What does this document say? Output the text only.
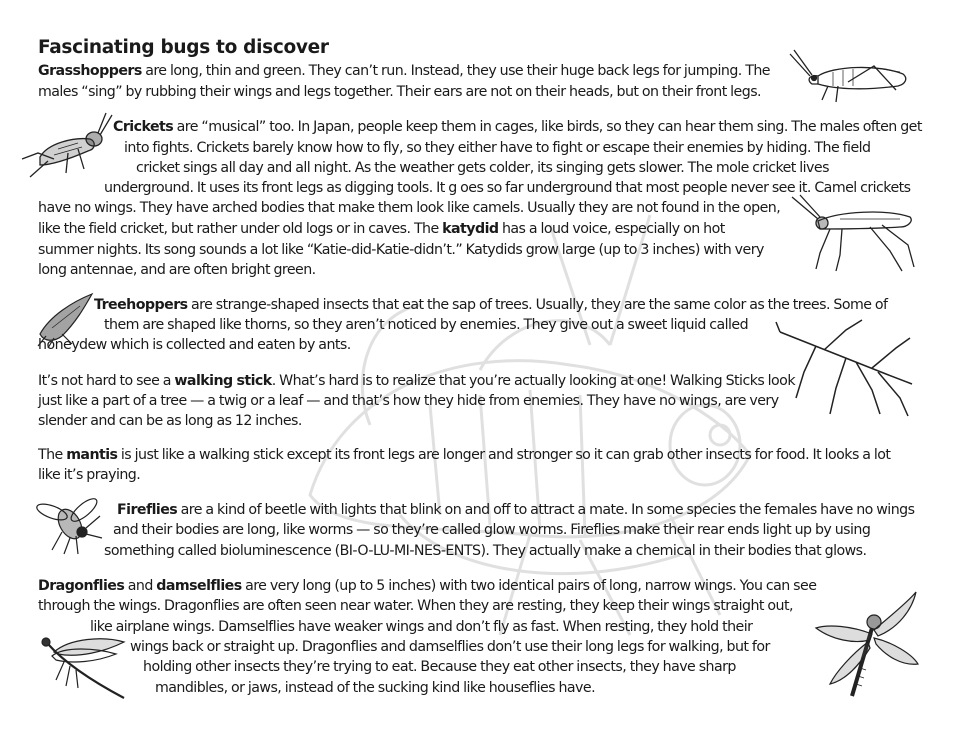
Fascinating bugs to discover
Grasshoppers are long, thin and green. They can’t run. Instead, they use their huge back legs for jumping. The
males “sing” by rubbing their wings and legs together. Their ears are not on their heads, but on their front legs.
Crickets are “musical” too. In Japan, people keep them in cages, like birds, so they can hear them sing. The males often get
into fights. Crickets barely know how to fly, so they either have to fight or escape their enemies by hiding. The field
cricket sings all day and all night. As the weather gets colder, its singing gets slower. The mole cricket lives
underground. It uses its front legs as digging tools. It g oes so far underground that most people never see it. Camel crickets
have no wings. They have arched bodies that make them look like camels. Usually they are not found in the open,
like the field cricket, but rather under old logs or in caves. The katydid has a loud voice, especially on hot
summer nights. Its song sounds a lot like “Katie-did-Katie-didn’t.” Katydids grow large (up to 3 inches) with very
long antennae, and are often bright green.
Treehoppers are strange-shaped insects that eat the sap of trees. Usually, they are the same color as the trees. Some of
them are shaped like thorns, so they aren’t noticed by enemies. They give out a sweet liquid called
honeydew which is collected and eaten by ants.
It’s not hard to see a walking stick. What’s hard is to realize that you’re actually looking at one! Walking Sticks look
just like a part of a tree — a twig or a leaf — and that’s how they hide from enemies. They have no wings, are very
slender and can be as long as 12 inches.
The mantis is just like a walking stick except its front legs are longer and stronger so it can grab other insects for food. It looks a lot
like it’s praying.
Fireflies are a kind of beetle with lights that blink on and off to attract a mate. In some species the females have no wings
and their bodies are long, like worms — so they’re called glow worms. Fireflies make their rear ends light up by using
something called bioluminescence (BI-O-LU-MI-NES-ENTS). They actually make a chemical in their bodies that glows.
Dragonflies and damselflies are very long (up to 5 inches) with two identical pairs of long, narrow wings. You can see
through the wings. Dragonflies are often seen near water. When they are resting, they keep their wings straight out,
like airplane wings. Damselflies have weaker wings and don’t fly as fast. When resting, they hold their
wings back or straight up. Dragonflies and damselflies don’t use their long legs for walking, but for
holding other insects they’re trying to eat. Because they eat other insects, they have sharp
mandibles, or jaws, instead of the sucking kind like houseflies have.
